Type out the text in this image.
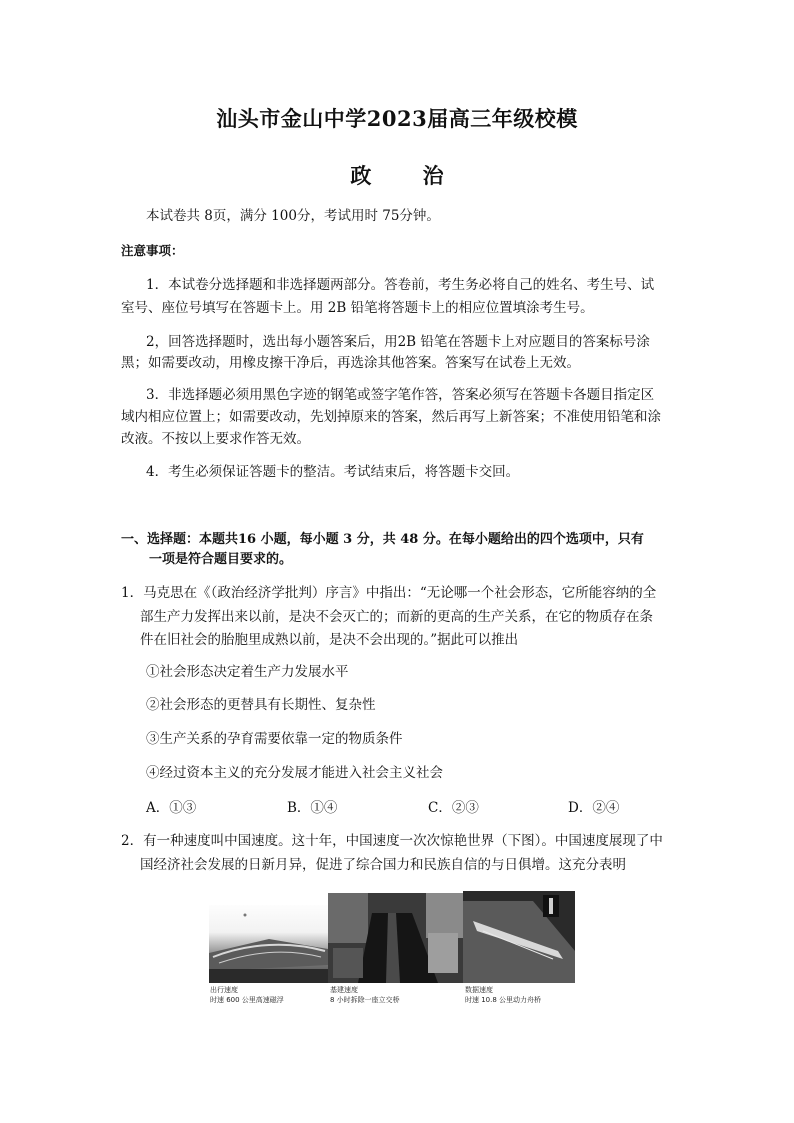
汕头市金山中学2023届高三年级校模
政 治
本试卷共 8页，满分 100分，考试用时 75分钟。
注意事项：
1．本试卷分选择题和非选择题两部分。答卷前，考生务必将自己的姓名、考生号、试
室号、座位号填写在答题卡上。用 2B 铅笔将答题卡上的相应位置填涂考生号。
2，回答选择题时，选出每小题答案后，用2B 铅笔在答题卡上对应题目的答案标号涂
黑；如需要改动，用橡皮擦干净后，再选涂其他答案。答案写在试卷上无效。
3．非选择题必须用黑色字迹的钢笔或签字笔作答，答案必须写在答题卡各题目指定区
域内相应位置上；如需要改动，先划掉原来的答案，然后再写上新答案；不准使用铅笔和涂
改液。不按以上要求作答无效。
4．考生必须保证答题卡的整洁。考试结束后，将答题卡交回。
一、选择题：本题共16 小题，每小题 3 分，共 48 分。在每小题给出的四个选项中，只有
一项是符合题目要求的。
1．马克思在《（政治经济学批判）序言》中指出：“无论哪一个社会形态，它所能容纳的全
部生产力发挥出来以前，是决不会灭亡的；而新的更高的生产关系，在它的物质存在条
件在旧社会的胎胞里成熟以前，是决不会出现的。”据此可以推出
①社会形态决定着生产力发展水平
②社会形态的更替具有长期性、复杂性
③生产关系的孕育需要依靠一定的物质条件
④经过资本主义的充分发展才能进入社会主义社会
A．①③	B．①④	C．②③	D．②④
2．有一种速度叫中国速度。这十年，中国速度一次次惊艳世界（下图）。中国速度展现了中
国经济社会发展的日新月异，促进了综合国力和民族自信的与日俱增。这充分表明
出行速度
时速 600 公里高速磁浮
基建速度
8 小时拆除一座立交桥
数据速度
时速 10.8 公里动力舟桥
